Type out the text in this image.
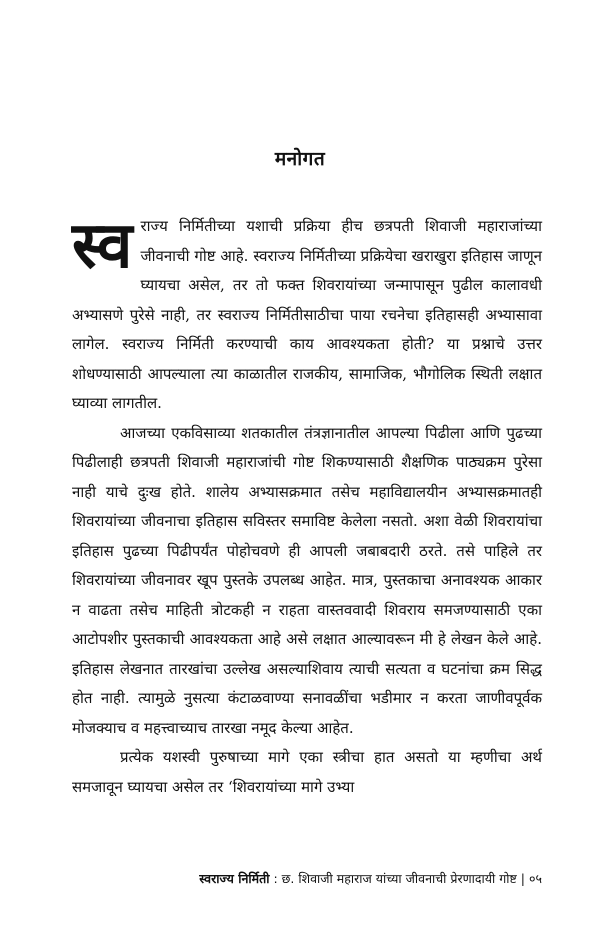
मनोगत

स्व राज्य निर्मितीच्या यशाची प्रक्रिया हीच छत्रपती शिवाजी महाराजांच्या जीवनाची गोष्ट आहे. स्वराज्य निर्मितीच्या प्रक्रियेचा खराखुरा इतिहास जाणून घ्यायचा असेल, तर तो फक्त शिवरायांच्या जन्मापासून पुढील कालावधी अभ्यासणे पुरेसे नाही, तर स्वराज्य निर्मितीसाठीचा पाया रचनेचा इतिहासही अभ्यासावा लागेल. स्वराज्य निर्मिती करण्याची काय आवश्यकता होती? या प्रश्नाचे उत्तर शोधण्यासाठी आपल्याला त्या काळातील राजकीय, सामाजिक, भौगोलिक स्थिती लक्षात घ्याव्या लागतील.

आजच्या एकविसाव्या शतकातील तंत्रज्ञानातील आपल्या पिढीला आणि पुढच्या पिढीलाही छत्रपती शिवाजी महाराजांची गोष्ट शिकण्यासाठी शैक्षणिक पाठ्यक्रम पुरेसा नाही याचे दुःख होते. शालेय अभ्यासक्रमात तसेच महाविद्यालयीन अभ्यासक्रमातही शिवरायांच्या जीवनाचा इतिहास सविस्तर समाविष्ट केलेला नसतो. अशा वेळी शिवरायांचा इतिहास पुढच्या पिढीपर्यंत पोहोचवणे ही आपली जबाबदारी ठरते. तसे पाहिले तर शिवरायांच्या जीवनावर खूप पुस्तके उपलब्ध आहेत. मात्र, पुस्तकाचा अनावश्यक आकार न वाढता तसेच माहिती त्रोटकही न राहता वास्तववादी शिवराय समजण्यासाठी एका आटोपशीर पुस्तकाची आवश्यकता आहे असे लक्षात आल्यावरून मी हे लेखन केले आहे. इतिहास लेखनात तारखांचा उल्लेख असल्याशिवाय त्याची सत्यता व घटनांचा क्रम सिद्ध होत नाही. त्यामुळे नुसत्या कंटाळवाण्या सनावळींचा भडीमार न करता जाणीवपूर्वक मोजक्याच व महत्त्वाच्याच तारखा नमूद केल्या आहेत.

प्रत्येक यशस्वी पुरुषाच्या मागे एका स्त्रीचा हात असतो या म्हणीचा अर्थ समजावून घ्यायचा असेल तर ‘शिवरायांच्या मागे उभ्या

स्वराज्य निर्मिती : छ. शिवाजी महाराज यांच्या जीवनाची प्रेरणादायी गोष्ट | ०५
